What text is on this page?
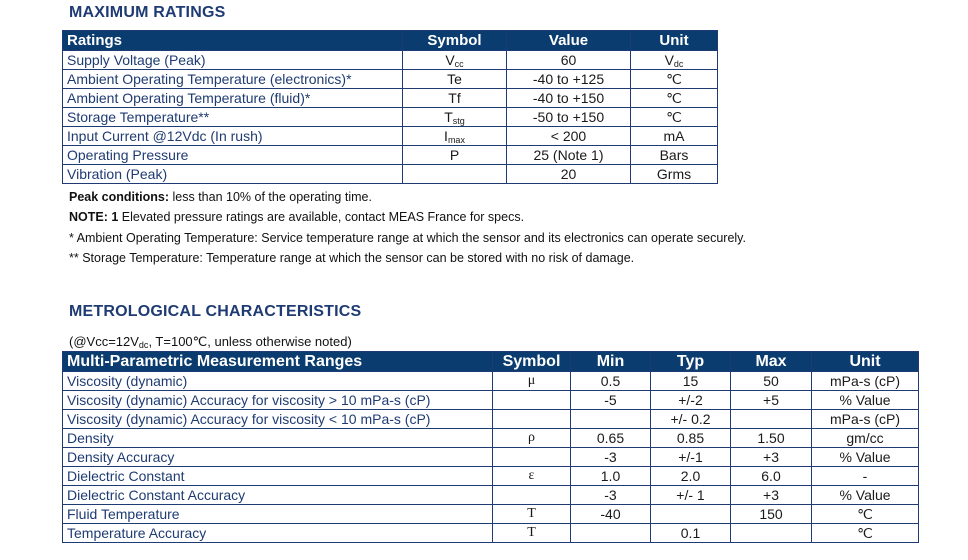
MAXIMUM RATINGS
Ratings	Symbol	Value	Unit
Supply Voltage (Peak)	$V_{cc}$	60	$V_{dc}$
Ambient Operating Temperature (electronics)*	Te	-40 to +125	℃
Ambient Operating Temperature (fluid)*	Tf	-40 to +150	℃
Storage Temperature**	$T_{stg}$	-50 to +150	℃
Input Current @12Vdc (In rush)	$I_{max}$	< 200	mA
Operating Pressure	P	25 (Note 1)	Bars
Vibration (Peak)		20	Grms
Peak conditions: less than 10% of the operating time.
NOTE: 1 Elevated pressure ratings are available, contact MEAS France for specs.
* Ambient Operating Temperature: Service temperature range at which the sensor and its electronics can operate securely.
** Storage Temperature: Temperature range at which the sensor can be stored with no risk of damage.
METROLOGICAL CHARACTERISTICS
($@Vcc=12V_{dc}$, T=100℃, unless otherwise noted)
Multi-Parametric Measurement Ranges	Symbol	Min	Typ	Max	Unit
Viscosity (dynamic)	μ	0.5	15	50	mPa-s (cP)
Viscosity (dynamic) Accuracy for viscosity > 10 mPa-s (cP)		-5	+/-2	+5	% Value
Viscosity (dynamic) Accuracy for viscosity < 10 mPa-s (cP)			+/- 0.2		mPa-s (cP)
Density	ρ	0.65	0.85	1.50	gm/cc
Density Accuracy		-3	+/-1	+3	% Value
Dielectric Constant	ε	1.0	2.0	6.0	-
Dielectric Constant Accuracy		-3	+/- 1	+3	% Value
Fluid Temperature	T	-40		150	℃
Temperature Accuracy	T		0.1		℃
